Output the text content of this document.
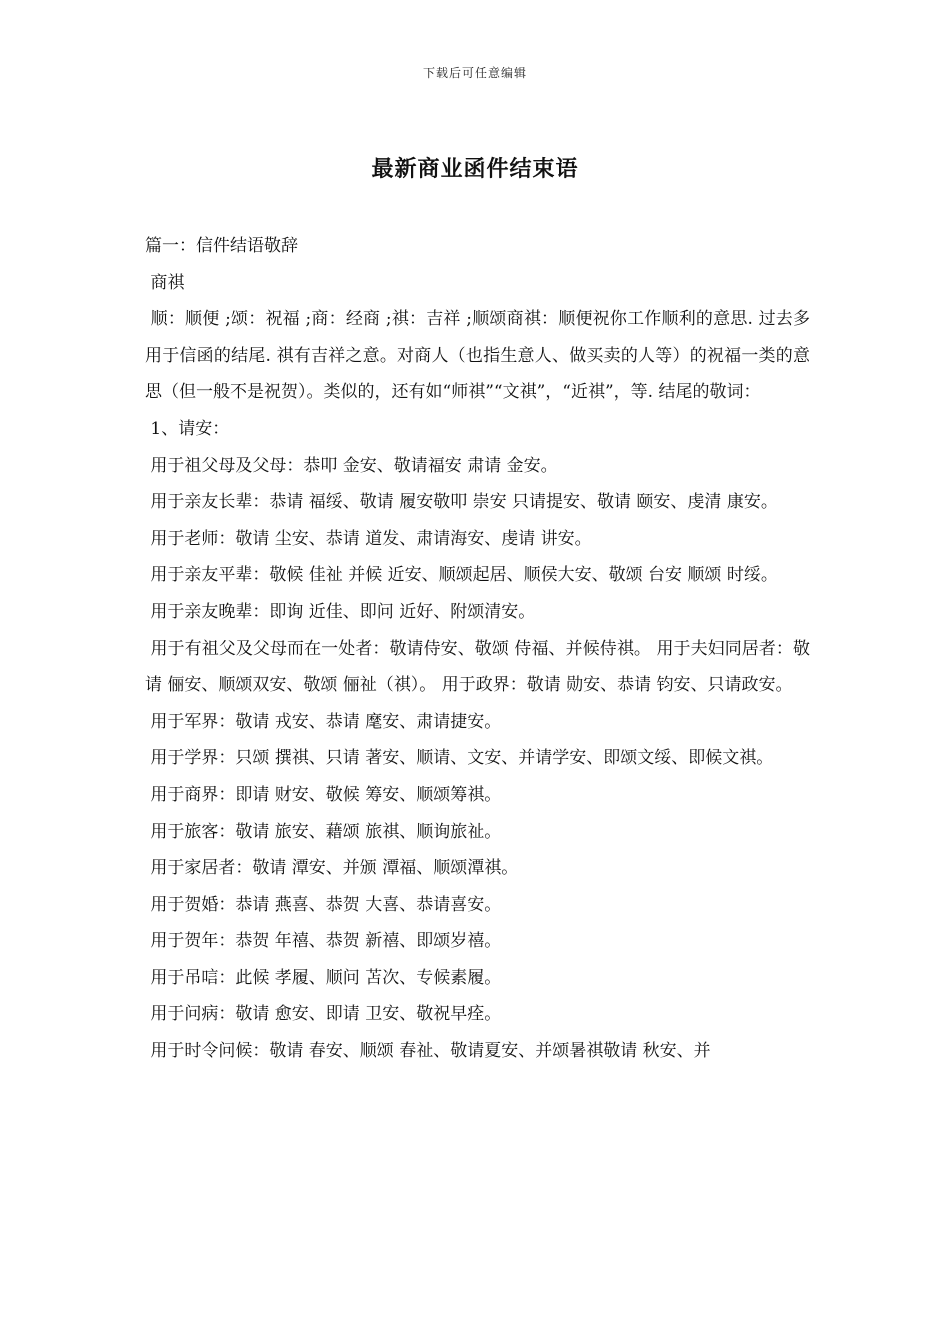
下载后可任意编辑
最新商业函件结束语

篇一：信件结语敬辞

商祺

顺：顺便 ;颂：祝福 ;商：经商 ;祺：吉祥 ;顺颂商祺：顺便祝你工作顺利的意思. 过去多用于信函的结尾. 祺有吉祥之意。对商人（也指生意人、做买卖的人等）的祝福一类的意思（但一般不是祝贺）。类似的，还有如“师祺”“文祺”，“近祺”，等. 结尾的敬词：

1、请安：

用于祖父母及父母：恭叩 金安、敬请福安 肃请 金安。

用于亲友长辈：恭请 福绥、敬请 履安敬叩 崇安 只请提安、敬请 颐安、虔清 康安。

用于老师：敬请 尘安、恭请 道发、肃请海安、虔请 讲安。

用于亲友平辈：敬候 佳祉 并候 近安、顺颂起居、顺侯大安、敬颂 台安 顺颂 时绥。

用于亲友晚辈：即询 近佳、即问 近好、附颂清安。

用于有祖父及父母而在一处者：敬请侍安、敬颂 侍福、并候侍祺。 用于夫妇同居者：敬请 俪安、顺颂双安、敬颂 俪祉（祺）。 用于政界：敬请 勋安、恭请 钧安、只请政安。

用于军界：敬请 戎安、恭请 麾安、肃请捷安。

用于学界：只颂 撰祺、只请 著安、顺请、文安、并请学安、即颂文绥、即候文祺。

用于商界：即请 财安、敬候 筹安、顺颂筹祺。

用于旅客：敬请 旅安、藉颂 旅祺、顺询旅祉。

用于家居者：敬请 潭安、并颁 潭福、顺颂潭祺。

用于贺婚：恭请 燕喜、恭贺 大喜、恭请喜安。

用于贺年：恭贺 年禧、恭贺 新禧、即颂岁禧。

用于吊唁：此候 孝履、顺问 苫次、专候素履。

用于问病：敬请 愈安、即请 卫安、敬祝早痊。

用于时令问候：敬请 春安、顺颂 春祉、敬请夏安、并颂暑祺敬请 秋安、并
